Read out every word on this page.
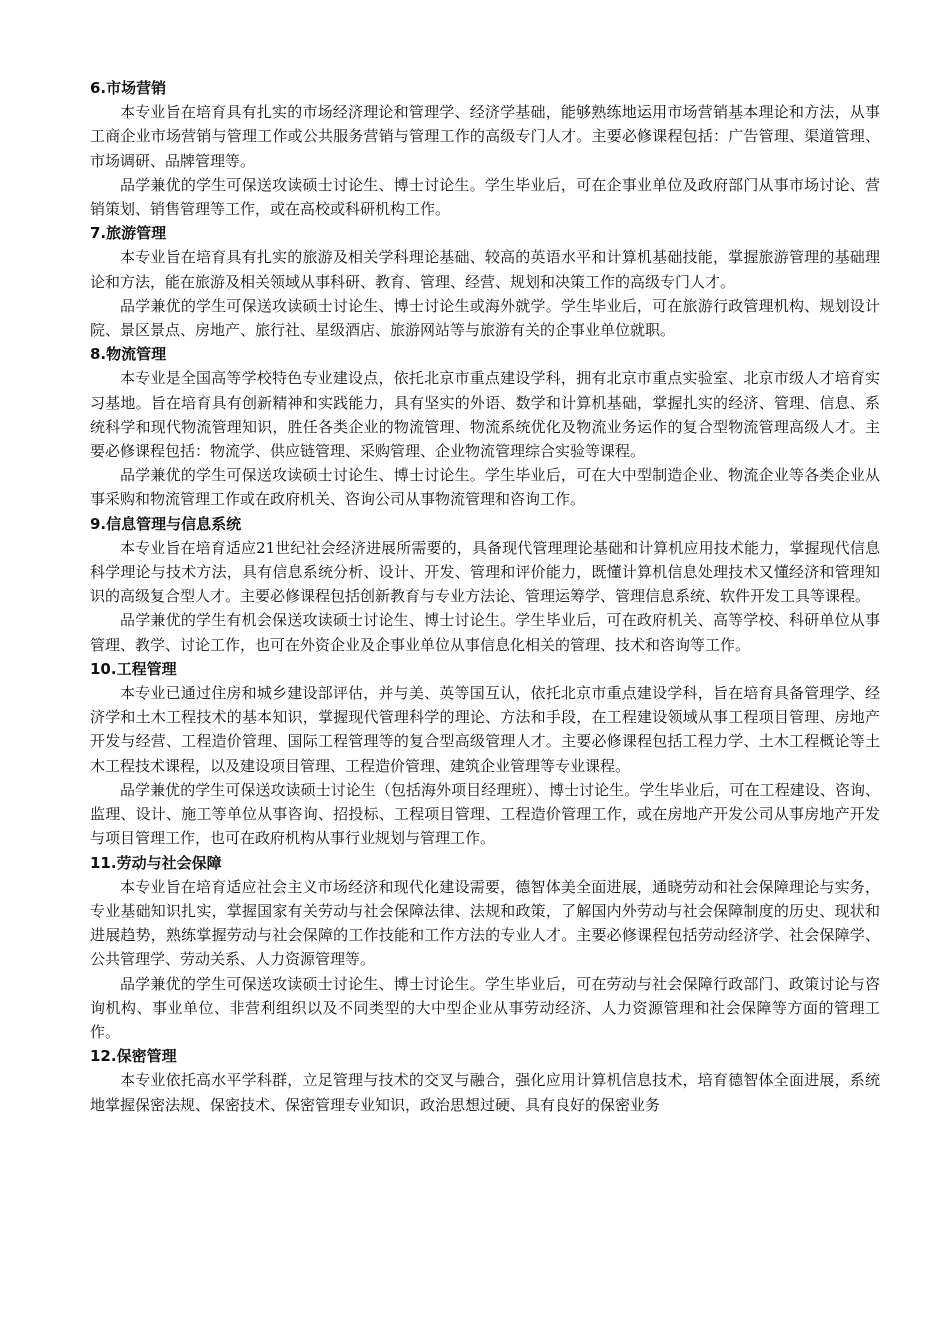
6.市场营销

本专业旨在培育具有扎实的市场经济理论和管理学、经济学基础，能够熟练地运用市场营销基本理论和方法，从事工商企业市场营销与管理工作或公共服务营销与管理工作的高级专门人才。主要必修课程包括：广告管理、渠道管理、市场调研、品牌管理等。

品学兼优的学生可保送攻读硕士讨论生、博士讨论生。学生毕业后，可在企事业单位及政府部门从事市场讨论、营销策划、销售管理等工作，或在高校或科研机构工作。

7.旅游管理

本专业旨在培育具有扎实的旅游及相关学科理论基础、较高的英语水平和计算机基础技能，掌握旅游管理的基础理论和方法，能在旅游及相关领域从事科研、教育、管理、经营、规划和决策工作的高级专门人才。

品学兼优的学生可保送攻读硕士讨论生、博士讨论生或海外就学。学生毕业后，可在旅游行政管理机构、规划设计院、景区景点、房地产、旅行社、星级酒店、旅游网站等与旅游有关的企事业单位就职。

8.物流管理

本专业是全国高等学校特色专业建设点，依托北京市重点建设学科，拥有北京市重点实验室、北京市级人才培育实习基地。旨在培育具有创新精神和实践能力，具有坚实的外语、数学和计算机基础，掌握扎实的经济、管理、信息、系统科学和现代物流管理知识，胜任各类企业的物流管理、物流系统优化及物流业务运作的复合型物流管理高级人才。主要必修课程包括：物流学、供应链管理、采购管理、企业物流管理综合实验等课程。

品学兼优的学生可保送攻读硕士讨论生、博士讨论生。学生毕业后，可在大中型制造企业、物流企业等各类企业从事采购和物流管理工作或在政府机关、咨询公司从事物流管理和咨询工作。

9.信息管理与信息系统

本专业旨在培育适应21世纪社会经济进展所需要的，具备现代管理理论基础和计算机应用技术能力，掌握现代信息科学理论与技术方法，具有信息系统分析、设计、开发、管理和评价能力，既懂计算机信息处理技术又懂经济和管理知识的高级复合型人才。主要必修课程包括创新教育与专业方法论、管理运筹学、管理信息系统、软件开发工具等课程。

品学兼优的学生有机会保送攻读硕士讨论生、博士讨论生。学生毕业后，可在政府机关、高等学校、科研单位从事管理、教学、讨论工作，也可在外资企业及企事业单位从事信息化相关的管理、技术和咨询等工作。

10.工程管理

本专业已通过住房和城乡建设部评估，并与美、英等国互认，依托北京市重点建设学科，旨在培育具备管理学、经济学和土木工程技术的基本知识，掌握现代管理科学的理论、方法和手段，在工程建设领域从事工程项目管理、房地产开发与经营、工程造价管理、国际工程管理等的复合型高级管理人才。主要必修课程包括工程力学、土木工程概论等土木工程技术课程，以及建设项目管理、工程造价管理、建筑企业管理等专业课程。

品学兼优的学生可保送攻读硕士讨论生（包括海外项目经理班）、博士讨论生。学生毕业后，可在工程建设、咨询、监理、设计、施工等单位从事咨询、招投标、工程项目管理、工程造价管理工作，或在房地产开发公司从事房地产开发与项目管理工作，也可在政府机构从事行业规划与管理工作。

11.劳动与社会保障

本专业旨在培育适应社会主义市场经济和现代化建设需要，德智体美全面进展，通晓劳动和社会保障理论与实务，专业基础知识扎实，掌握国家有关劳动与社会保障法律、法规和政策，了解国内外劳动与社会保障制度的历史、现状和进展趋势，熟练掌握劳动与社会保障的工作技能和工作方法的专业人才。主要必修课程包括劳动经济学、社会保障学、公共管理学、劳动关系、人力资源管理等。

品学兼优的学生可保送攻读硕士讨论生、博士讨论生。学生毕业后，可在劳动与社会保障行政部门、政策讨论与咨询机构、事业单位、非营利组织以及不同类型的大中型企业从事劳动经济、人力资源管理和社会保障等方面的管理工作。

12.保密管理

本专业依托高水平学科群，立足管理与技术的交叉与融合，强化应用计算机信息技术，培育德智体全面进展，系统地掌握保密法规、保密技术、保密管理专业知识，政治思想过硬、具有良好的保密业务
